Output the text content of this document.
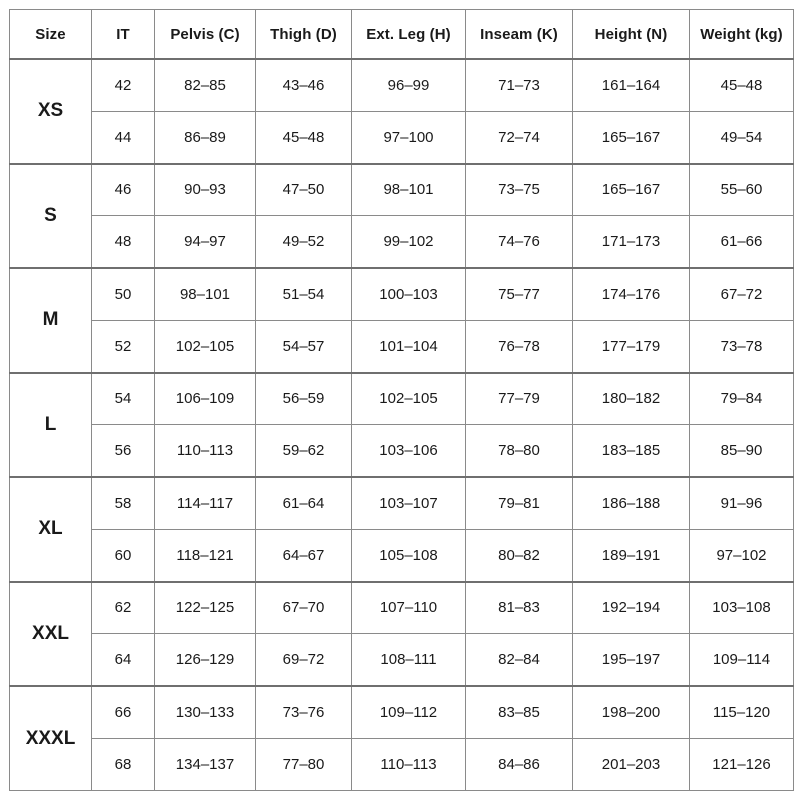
Size	IT	Pelvis (C)	Thigh (D)	Ext. Leg (H)	Inseam (K)	Height (N)	Weight (kg)
XS	42	82–85	43–46	96–99	71–73	161–164	45–48
	44	86–89	45–48	97–100	72–74	165–167	49–54
S	46	90–93	47–50	98–101	73–75	165–167	55–60
	48	94–97	49–52	99–102	74–76	171–173	61–66
M	50	98–101	51–54	100–103	75–77	174–176	67–72
	52	102–105	54–57	101–104	76–78	177–179	73–78
L	54	106–109	56–59	102–105	77–79	180–182	79–84
	56	110–113	59–62	103–106	78–80	183–185	85–90
XL	58	114–117	61–64	103–107	79–81	186–188	91–96
	60	118–121	64–67	105–108	80–82	189–191	97–102
XXL	62	122–125	67–70	107–110	81–83	192–194	103–108
	64	126–129	69–72	108–111	82–84	195–197	109–114
XXXL	66	130–133	73–76	109–112	83–85	198–200	115–120
	68	134–137	77–80	110–113	84–86	201–203	121–126
